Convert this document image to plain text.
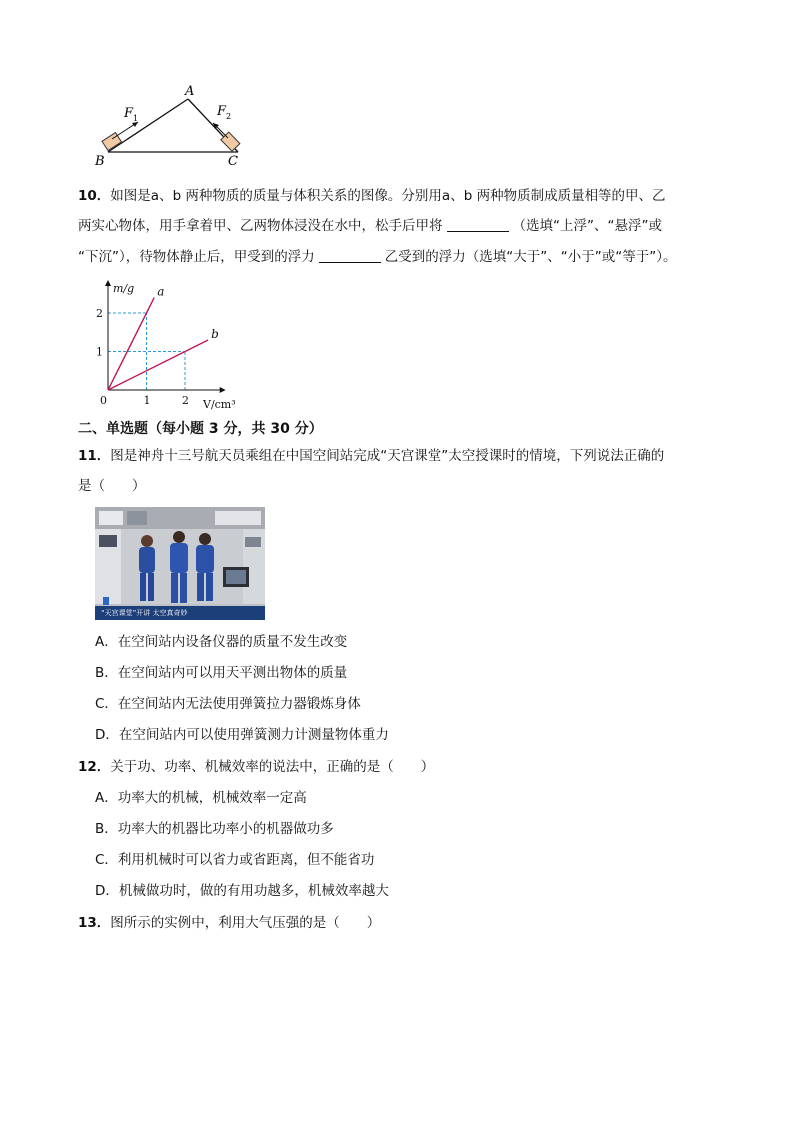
A
B	C
F 1	F 2
10．如图是a、b 两种物质的质量与体积关系的图像。分别用a、b 两种物质制成质量相等的甲、乙
两实心物体，用手拿着甲、乙两物体浸没在水中，松手后甲将	（选填“上浮”、“悬浮”或
“下沉”），待物体静止后，甲受到的浮力	乙受到的浮力（选填“大于”、“小于”或“等于”）。
a
b
0	1	2
1
2
m/g
V/cm³
二、单选题（每小题 3 分，共 30 分）
11．图是神舟十三号航天员乘组在中国空间站完成“天宫课堂”太空授课时的情境，下列说法正确的
是（　　）
“天宫课堂”开讲 太空真奇妙
A．在空间站内设备仪器的质量不发生改变
B．在空间站内可以用天平测出物体的质量
C．在空间站内无法使用弹簧拉力器锻炼身体
D．在空间站内可以使用弹簧测力计测量物体重力
12．关于功、功率、机械效率的说法中，正确的是（　　）
A．功率大的机械，机械效率一定高
B．功率大的机器比功率小的机器做功多
C．利用机械时可以省力或省距离，但不能省功
D．机械做功时，做的有用功越多，机械效率越大
13．图所示的实例中，利用大气压强的是（　　）
